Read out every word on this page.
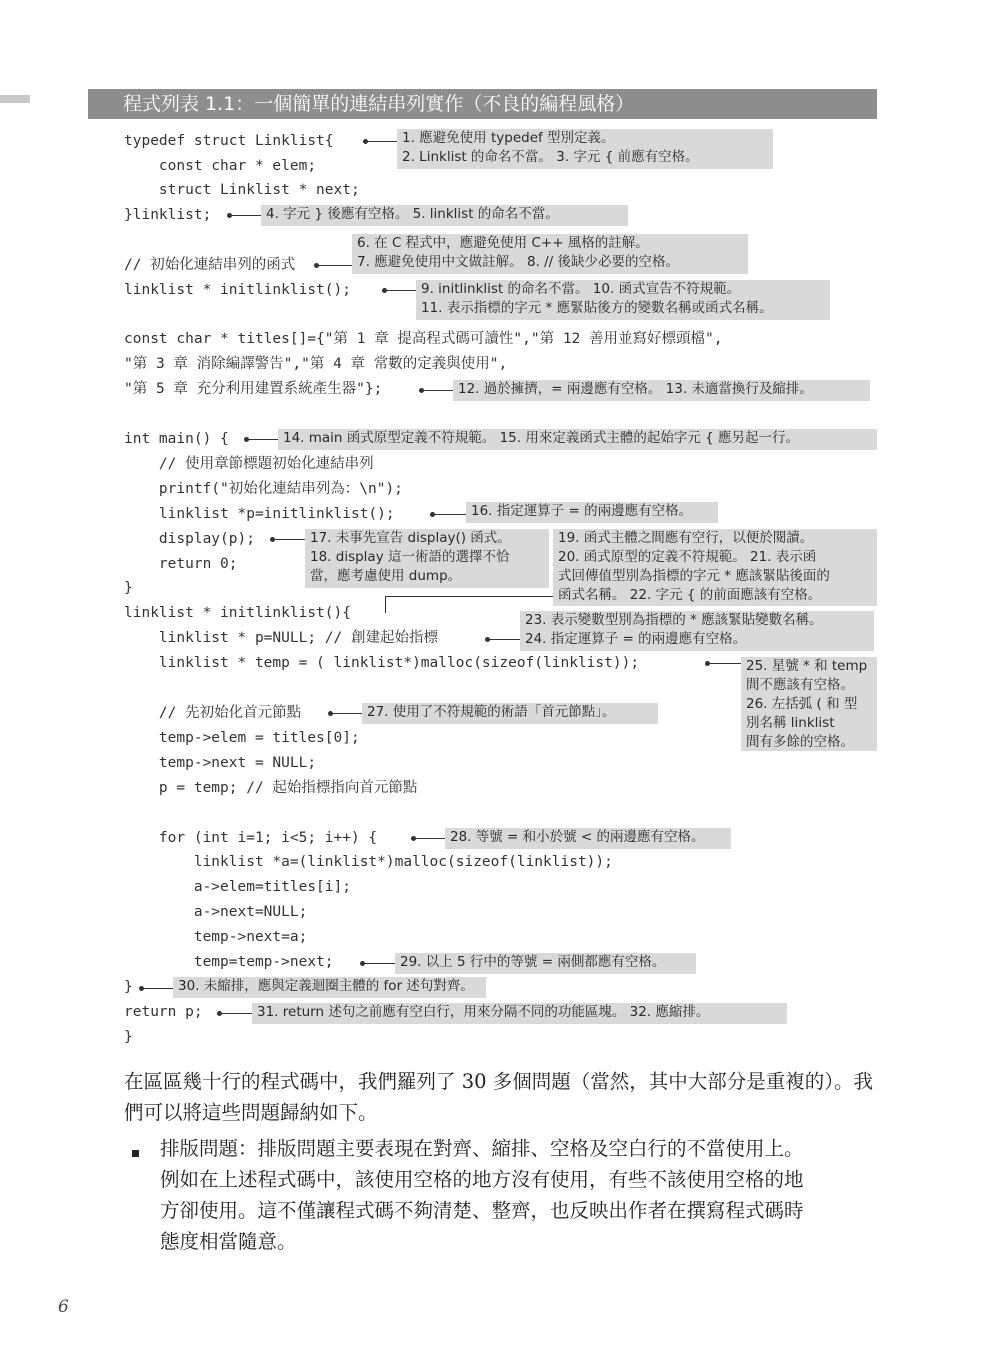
程式列表 1.1：一個簡單的連結串列實作（不良的編程風格）
typedef struct Linklist{
const char * elem;
struct Linklist * next;
}linklist;
// 初始化連結串列的函式
linklist * initlinklist();
const char * titles[]={"第 1 章 提高程式碼可讀性","第 12 善用並寫好標頭檔",
"第 3 章 消除編譯警告","第 4 章 常數的定義與使用",
"第 5 章 充分利用建置系統產生器"};
int main() {
// 使用章節標題初始化連結串列
printf("初始化連結串列為：\n");
linklist *p=initlinklist();
display(p);
return 0;
}
linklist * initlinklist(){
linklist * p=NULL; // 創建起始指標
linklist * temp = ( linklist*)malloc(sizeof(linklist));
// 先初始化首元節點
temp->elem = titles[0];
temp->next = NULL;
p = temp; // 起始指標指向首元節點
for (int i=1; i<5; i++) {
linklist *a=(linklist*)malloc(sizeof(linklist));
a->elem=titles[i];
a->next=NULL;
temp->next=a;
temp=temp->next;
}
return p;
}
1. 應避免使用 typedef 型別定義。
2. Linklist 的命名不當。 3. 字元 { 前應有空格。
4. 字元 } 後應有空格。 5. linklist 的命名不當。
6. 在 C 程式中，應避免使用 C++ 風格的註解。
7. 應避免使用中文做註解。 8. // 後缺少必要的空格。
9. initlinklist 的命名不當。 10. 函式宣告不符規範。
11. 表示指標的字元 * 應緊貼後方的變數名稱或函式名稱。
12. 過於擁擠，= 兩邊應有空格。 13. 未適當換行及縮排。
14. main 函式原型定義不符規範。 15. 用來定義函式主體的起始字元 { 應另起一行。
16. 指定運算子 = 的兩邊應有空格。
17. 未事先宣告 display() 函式。
18. display 這一術語的選擇不恰
當，應考慮使用 dump。
19. 函式主體之間應有空行，以便於閱讀。
20. 函式原型的定義不符規範。 21. 表示函
式回傳值型別為指標的字元 * 應該緊貼後面的
函式名稱。 22. 字元 { 的前面應該有空格。
23. 表示變數型別為指標的 * 應該緊貼變數名稱。
24. 指定運算子 = 的兩邊應有空格。
25. 星號 * 和 temp
間不應該有空格。
26. 左括弧 ( 和 型
別名稱 linklist
間有多餘的空格。
27. 使用了不符規範的術語「首元節點」。
28. 等號 = 和小於號 < 的兩邊應有空格。
29. 以上 5 行中的等號 = 兩側都應有空格。
30. 未縮排，應與定義迴圈主體的 for 述句對齊。
31. return 述句之前應有空白行，用來分隔不同的功能區塊。 32. 應縮排。
在區區幾十行的程式碼中，我們羅列了 30 多個問題（當然，其中大部分是重複的）。我們可以將這些問題歸納如下。
排版問題：排版問題主要表現在對齊、縮排、空格及空白行的不當使用上。
例如在上述程式碼中，該使用空格的地方沒有使用，有些不該使用空格的地
方卻使用。這不僅讓程式碼不夠清楚、整齊，也反映出作者在撰寫程式碼時
態度相當隨意。
6
